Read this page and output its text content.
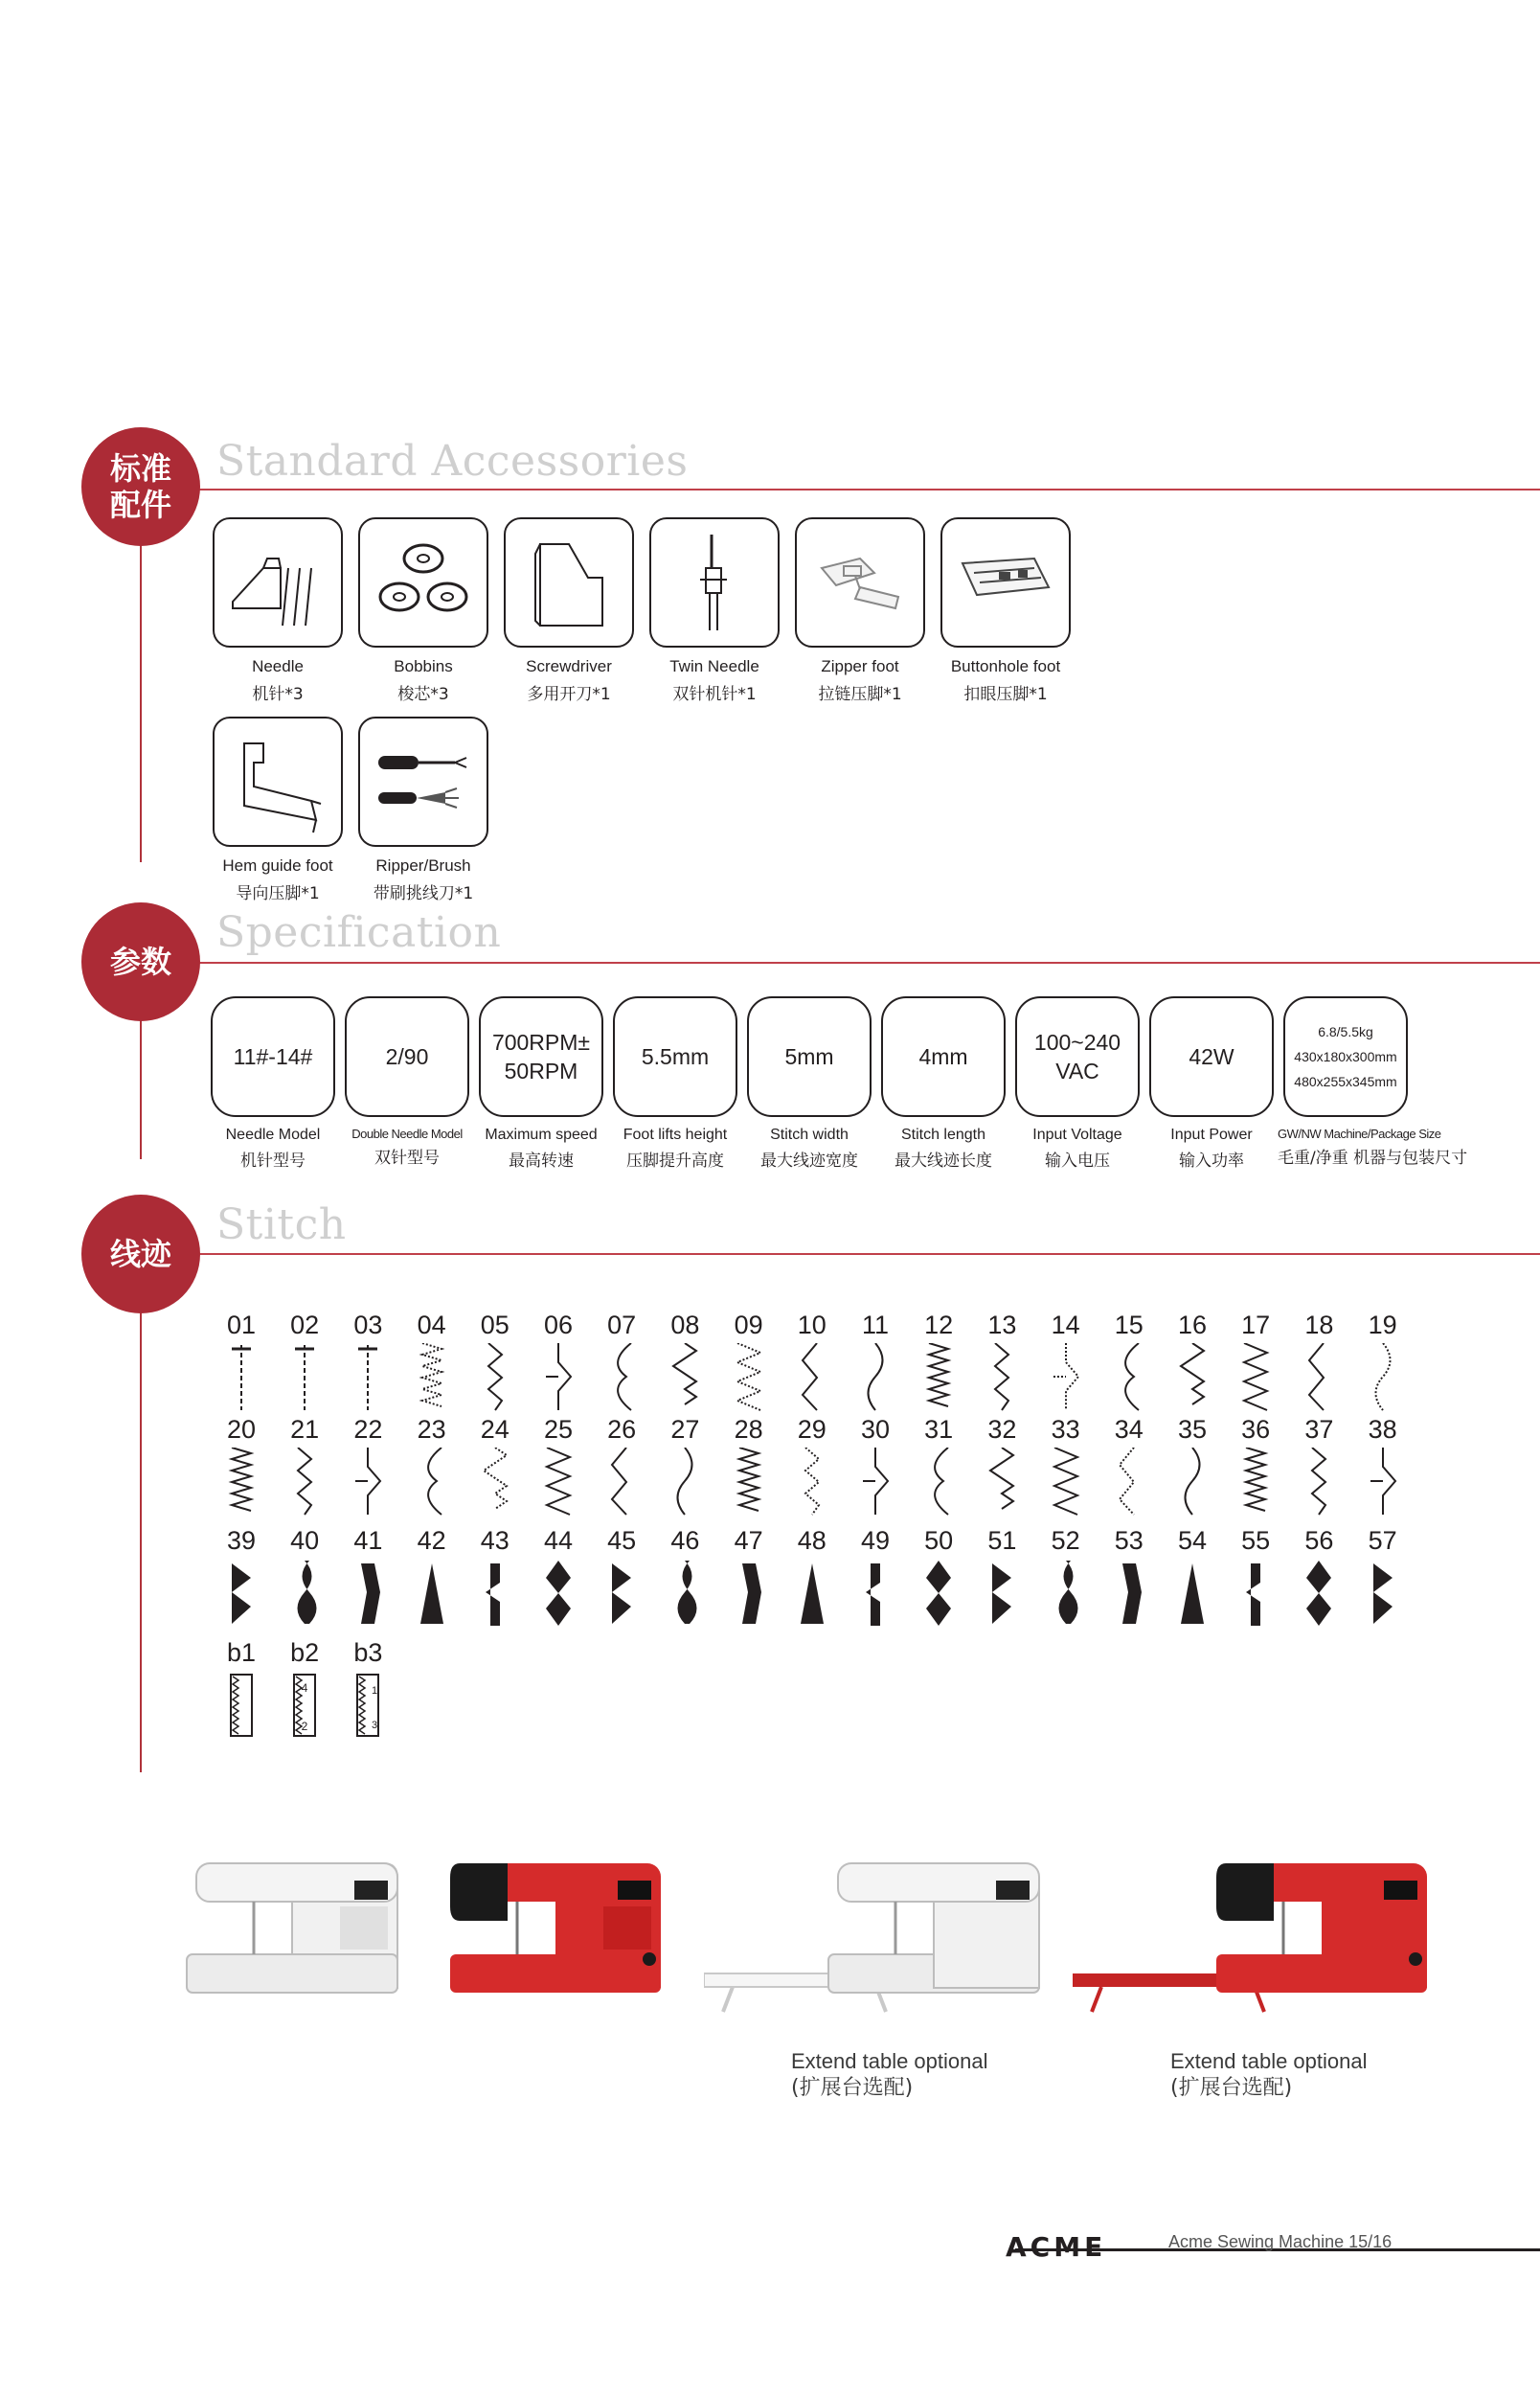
标准
配件
Standard Accessories
Needle
机针*3
Bobbins
梭芯*3
Screwdriver
多用开刀*1
Twin Needle
双针机针*1
Zipper foot
拉链压脚*1
Buttonhole foot
扣眼压脚*1
Hem guide foot
导向压脚*1
Ripper/Brush
带刷挑线刀*1
参数
Specification
11#-14#
Needle Model
机针型号
2/90
Double Needle Model
双针型号
700RPM±
50RPM
Maximum speed
最高转速
5.5mm
Foot lifts height
压脚提升高度
5mm
Stitch width
最大线迹宽度
4mm
Stitch length
最大线迹长度
100~240
VAC
Input Voltage
输入电压
42W
Input Power
输入功率
6.8/5.5kg
430x180x300mm
480x255x345mm
GW/NW Machine/Package Size
毛重/净重 机器与包装尺寸
线迹
Stitch
01	02	03	04	05	06	07	08	09	10	11	12	13	14	15	16	17	18	19
20	21	22	23	24	25	26	27	28	29	30	31	32	33	34	35	36	37	38
39	40	41	42	43	44	45	46	47	48	49	50	51	52	53	54	55	56	57
b1	b2
4
2
b3
1
3
Extend table optional
(扩展台选配)
Extend table optional
(扩展台选配)
ACME	Acme Sewing Machine 15/16
